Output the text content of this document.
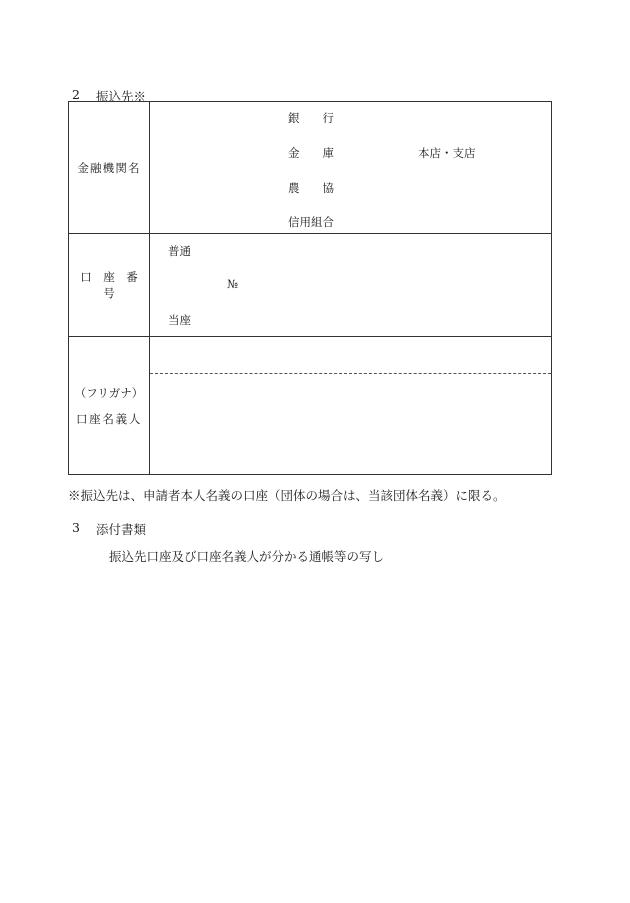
2 振込先※
金融機関名	銀　　行
金　　庫
農　　協
信用組合
本店・支店

口　座　番　号	普通
№
当座

（フリガナ）
口座名義人	

※振込先は、申請者本人名義の口座（団体の場合は、当該団体名義）に限る。
3 添付書類
振込先口座及び口座名義人が分かる通帳等の写し
